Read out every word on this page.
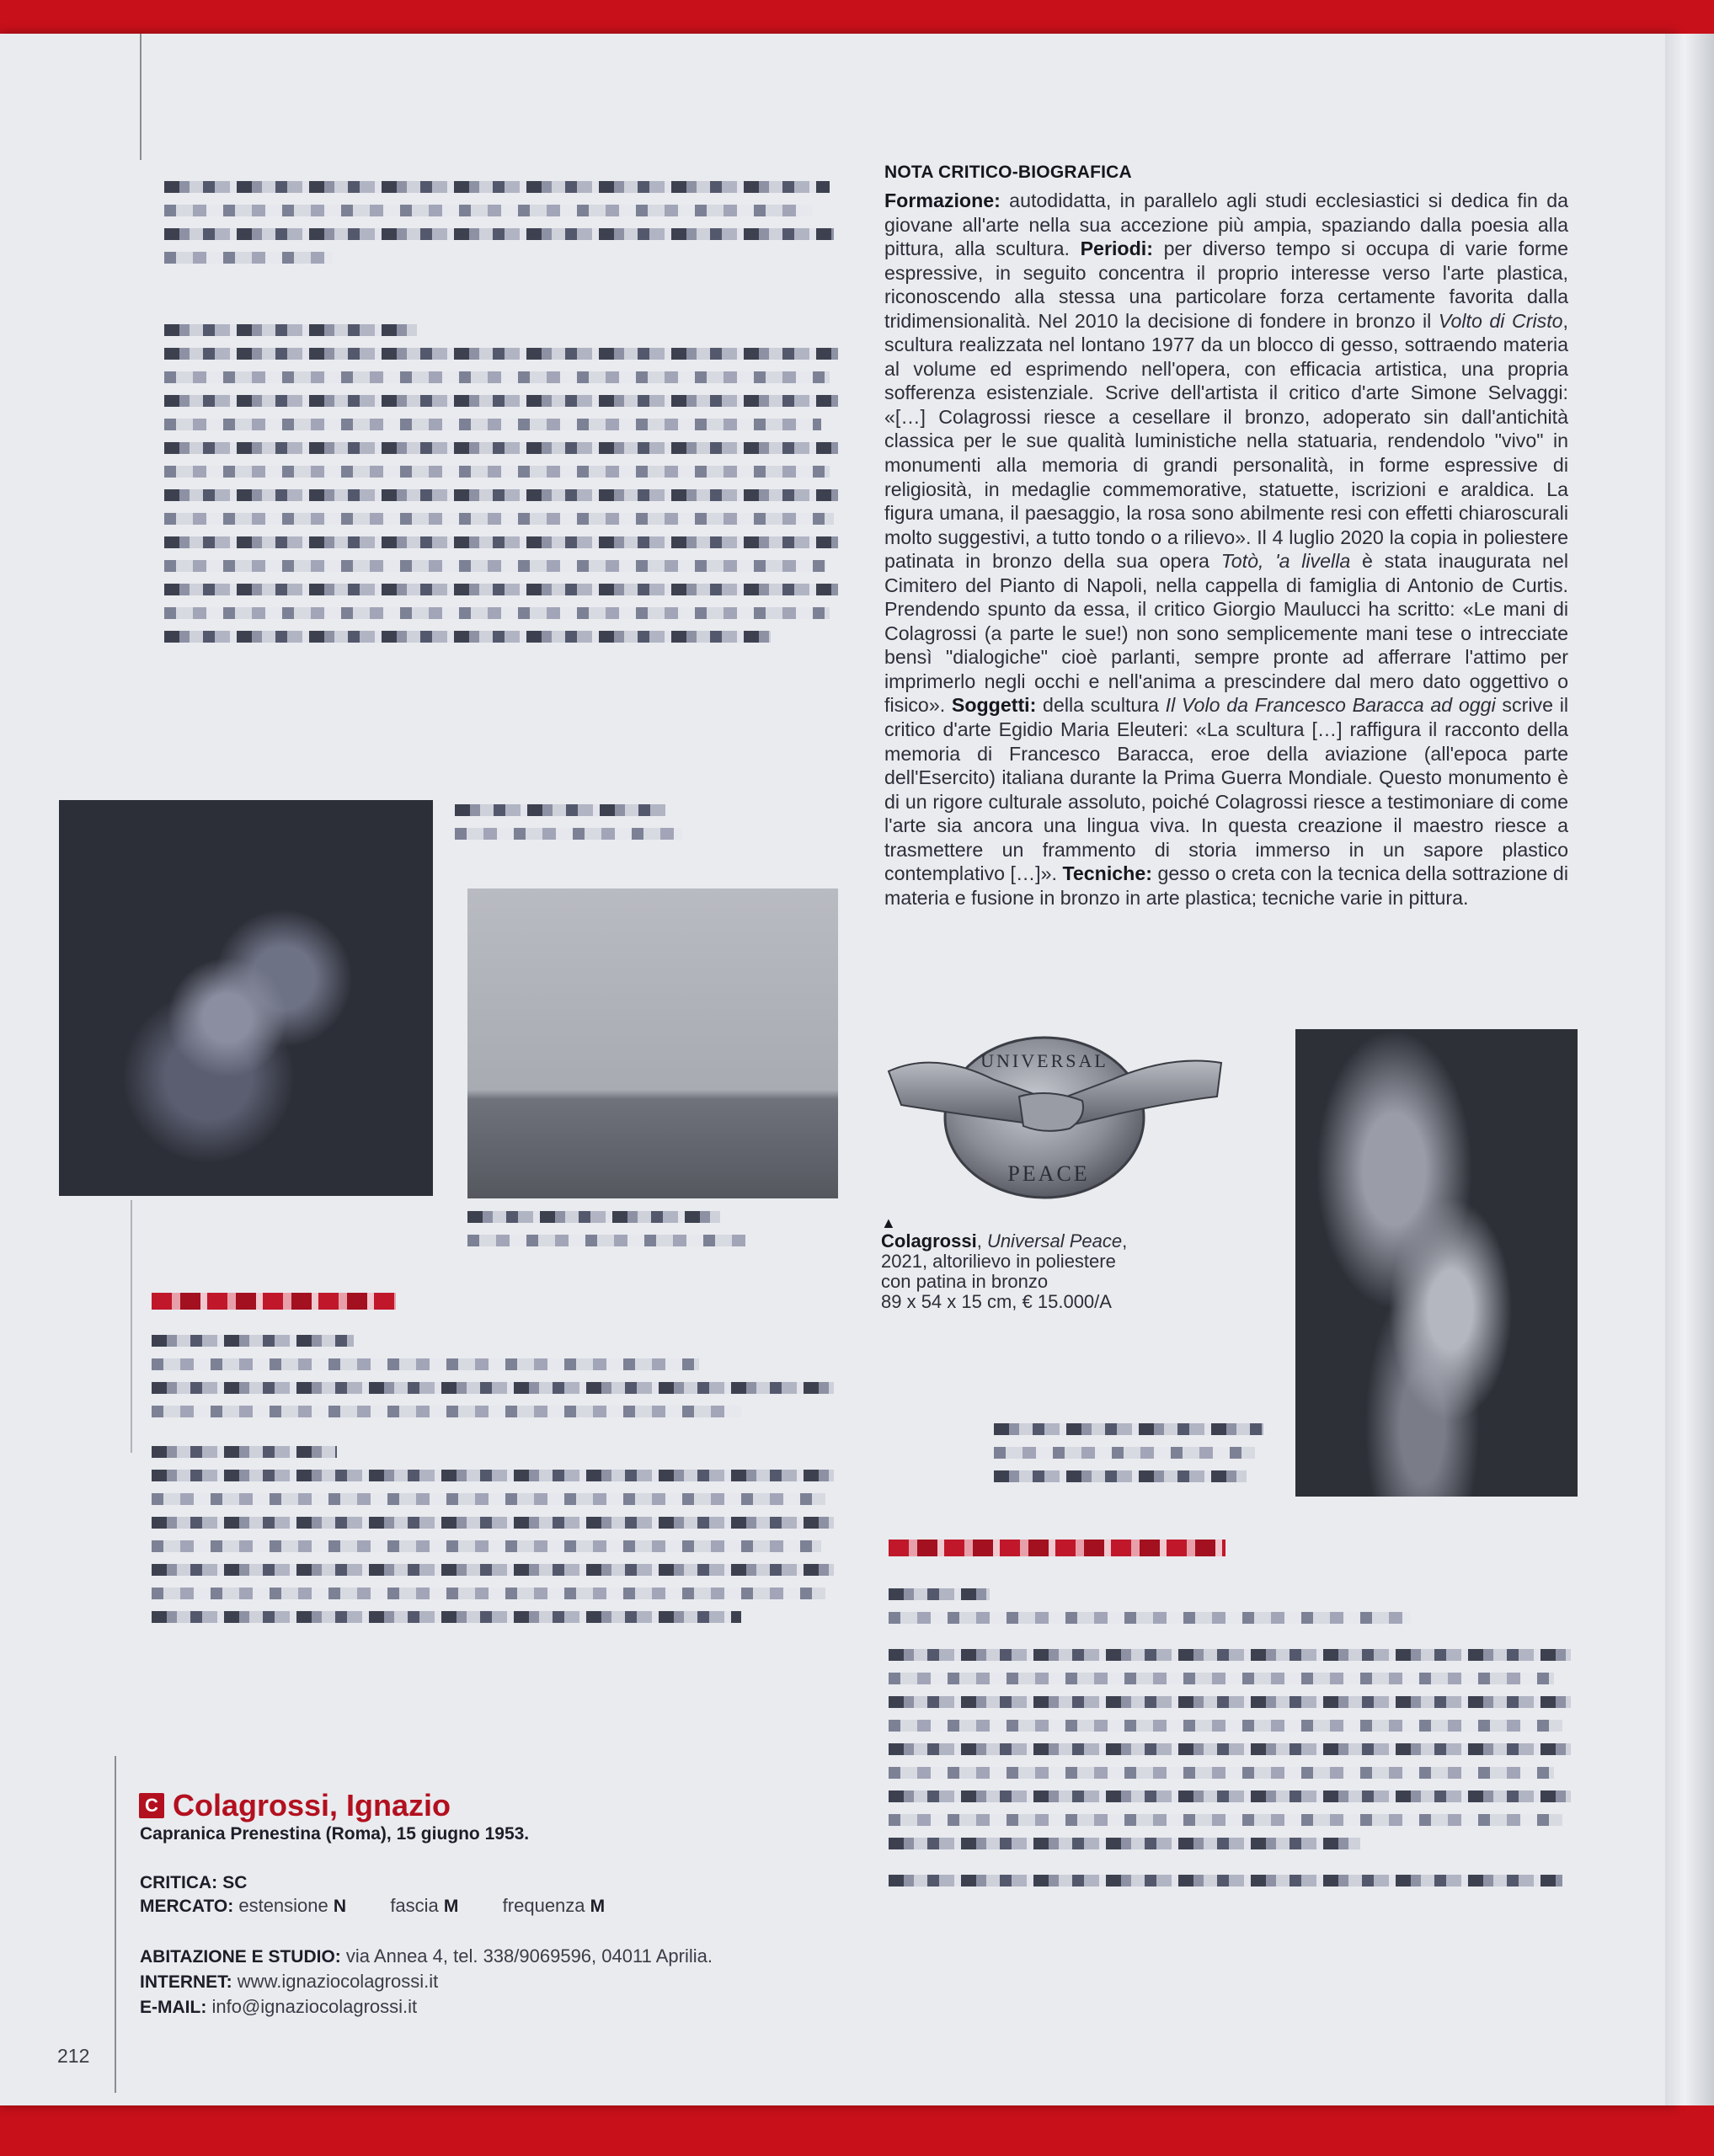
C Colagrossi, Ignazio
Capranica Prenestina (Roma), 15 giugno 1953.
CRITICA: SC
MERCATO: estensione N fascia M frequenza M
ABITAZIONE E STUDIO: via Annea 4, tel. 338/9069596, 04011 Aprilia.
INTERNET: www.ignaziocolagrossi.it
E-MAIL: info@ignaziocolagrossi.it
212
NOTA CRITICO-BIOGRAFICA
Formazione: autodidatta, in parallelo agli studi ecclesiastici si dedica fin da giovane all'arte nella sua accezione più ampia, spaziando dalla poesia alla pittura, alla scultura. Periodi: per diverso tempo si occupa di varie forme espressive, in seguito concentra il proprio interesse verso l'arte plastica, riconoscendo alla stessa una particolare forza certamente favorita dalla tridimensionalità. Nel 2010 la decisione di fondere in bronzo il Volto di Cristo, scultura realizzata nel lontano 1977 da un blocco di gesso, sottraendo materia al volume ed esprimendo nell'opera, con efficacia artistica, una propria sofferenza esistenziale. Scrive dell'artista il critico d'arte Simone Selvaggi: «[…] Colagrossi riesce a cesellare il bronzo, adoperato sin dall'antichità classica per le sue qualità luministiche nella statuaria, rendendolo "vivo" in monumenti alla memoria di grandi personalità, in forme espressive di religiosità, in medaglie commemorative, statuette, iscrizioni e araldica. La figura umana, il paesaggio, la rosa sono abilmente resi con effetti chiaroscurali molto suggestivi, a tutto tondo o a rilievo». Il 4 luglio 2020 la copia in poliestere patinata in bronzo della sua opera Totò, 'a livella è stata inaugurata nel Cimitero del Pianto di Napoli, nella cappella di famiglia di Antonio de Curtis. Prendendo spunto da essa, il critico Giorgio Maulucci ha scritto: «Le mani di Colagrossi (a parte le sue!) non sono semplicemente mani tese o intrecciate bensì "dialogiche" cioè parlanti, sempre pronte ad afferrare l'attimo per imprimerlo negli occhi e nell'anima a prescindere dal mero dato oggettivo o fisico». Soggetti: della scultura Il Volo da Francesco Baracca ad oggi scrive il critico d'arte Egidio Maria Eleuteri: «La scultura […] raffigura il racconto della memoria di Francesco Baracca, eroe della aviazione (all'epoca parte dell'Esercito) italiana durante la Prima Guerra Mondiale. Questo monumento è di un rigore culturale assoluto, poiché Colagrossi riesce a testimoniare di come l'arte sia ancora una lingua viva. In questa creazione il maestro riesce a trasmettere un frammento di storia immerso in un sapore plastico contemplativo […]». Tecniche: gesso o creta con la tecnica della sottrazione di materia e fusione in bronzo in arte plastica; tecniche varie in pittura.
UNIVERSAL
PEACE
▲
Colagrossi, Universal Peace,
2021, altorilievo in poliestere
con patina in bronzo
89 x 54 x 15 cm, € 15.000/A
